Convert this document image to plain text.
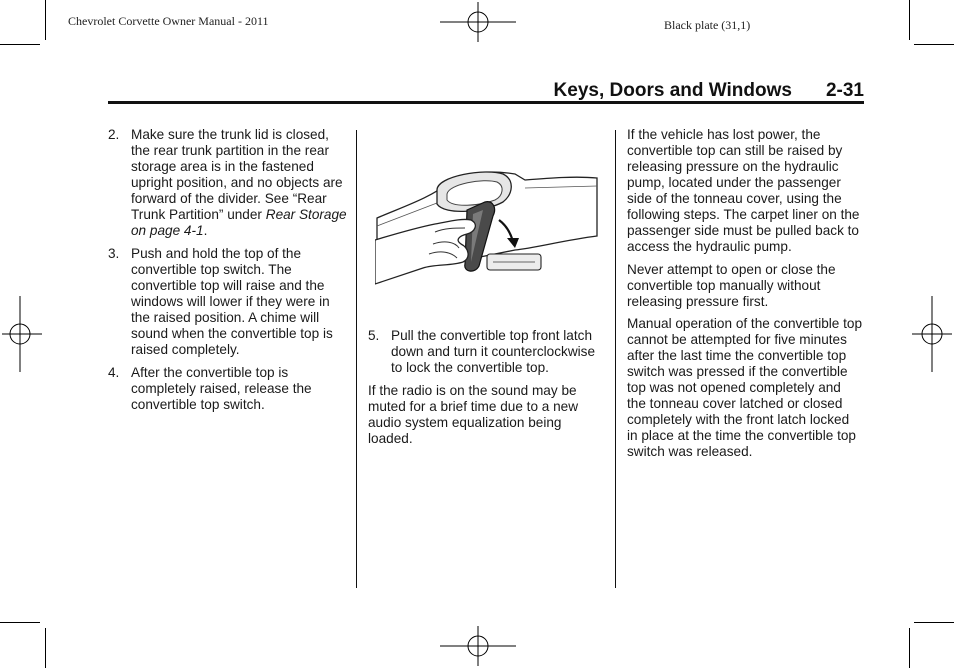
Chevrolet Corvette Owner Manual - 2011	Black plate (31,1)
Keys, Doors and Windows 2-31
2. Make sure the trunk lid is closed, the rear trunk partition in the rear storage area is in the fastened upright position, and no objects are forward of the divider. See “Rear Trunk Partition” under Rear Storage on page 4-1.
3. Push and hold the top of the convertible top switch. The convertible top will raise and the windows will lower if they were in the raised position. A chime will sound when the convertible top is raised completely.
4. After the convertible top is completely raised, release the convertible top switch.
5. Pull the convertible top front latch down and turn it counterclockwise to lock the convertible top.

If the radio is on the sound may be muted for a brief time due to a new audio system equalization being loaded.

If the vehicle has lost power, the convertible top can still be raised by releasing pressure on the hydraulic pump, located under the passenger side of the tonneau cover, using the following steps. The carpet liner on the passenger side must be pulled back to access the hydraulic pump.

Never attempt to open or close the convertible top manually without releasing pressure first.

Manual operation of the convertible top cannot be attempted for five minutes after the last time the convertible top switch was pressed if the convertible top was not opened completely and the tonneau cover latched or closed completely with the front latch locked in place at the time the convertible top switch was released.
